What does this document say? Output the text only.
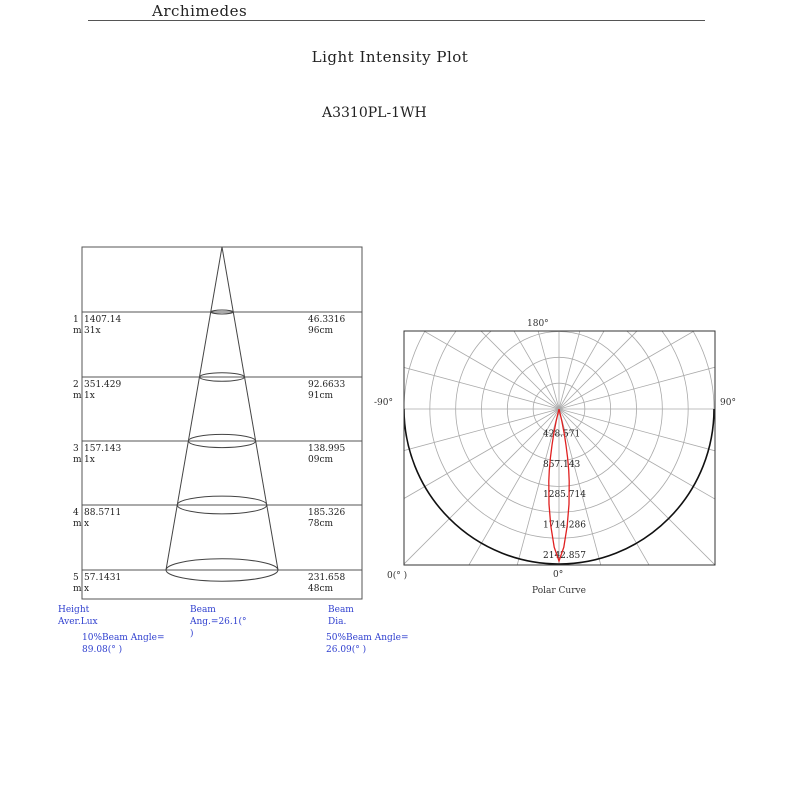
Archimedes
Light Intensity Plot
A3310PL-1WH
1
m
1407.14
31x
46.3316
96cm
2
m
351.429
1x
92.6633
91cm
3
m
157.143
1x
138.995
09cm
4
m
88.5711
x
185.326
78cm
5
m
57.1431
x
231.658
48cm
Height
Aver.Lux
Beam
Ang.=26.1(°
)
Beam
Dia.
10%Beam Angle=
89.08(° )
50%Beam Angle=
26.09(° )
428.571
857.143
1285.714
1714.286
2142.857
180°
-90°	90°
0°
0(° )
Polar Curve
